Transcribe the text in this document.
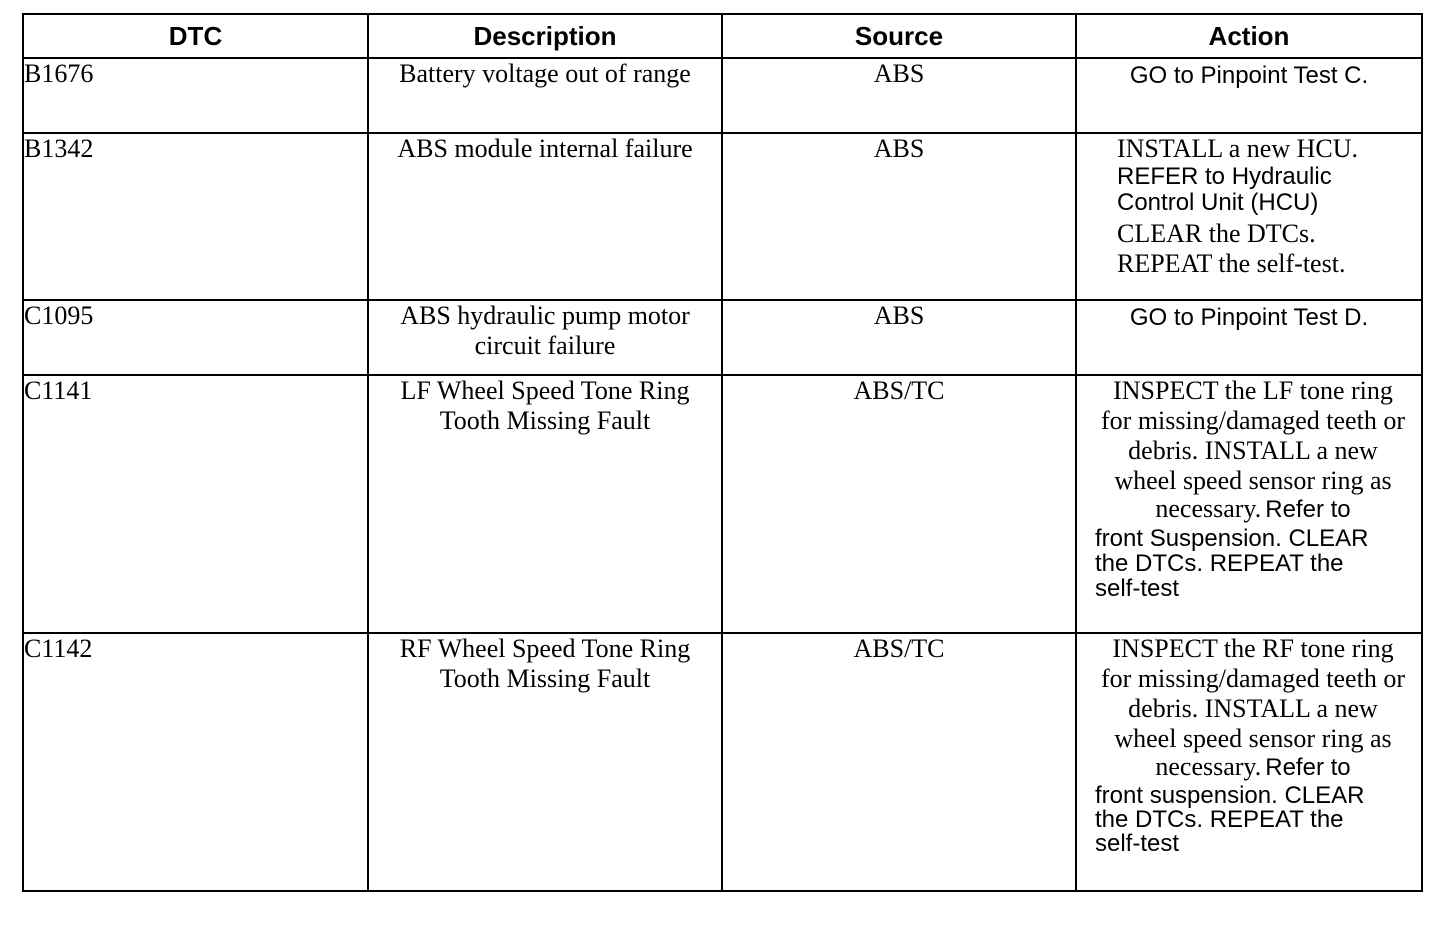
DTC	Description	Source	Action
B1676	Battery voltage out of range	ABS	GO to Pinpoint Test C.

B1342	ABS module internal failure	ABS	INSTALL a new HCU.
REFER to Hydraulic
Control Unit (HCU)
CLEAR the DTCs.
REPEAT the self-test.

C1095	ABS hydraulic pump motor circuit failure	ABS	GO to Pinpoint Test D.

C1141	LF Wheel Speed Tone Ring Tooth Missing Fault	ABS/TC	INSPECT the LF tone ring for missing/damaged teeth or debris. INSTALL a new wheel speed sensor ring as
necessary. Refer to
front Suspension. CLEAR
the DTCs. REPEAT the
self-test

C1142	RF Wheel Speed Tone Ring Tooth Missing Fault	ABS/TC	INSPECT the RF tone ring for missing/damaged teeth or debris. INSTALL a new wheel speed sensor ring as
necessary. Refer to
front suspension. CLEAR
the DTCs. REPEAT the
self-test
